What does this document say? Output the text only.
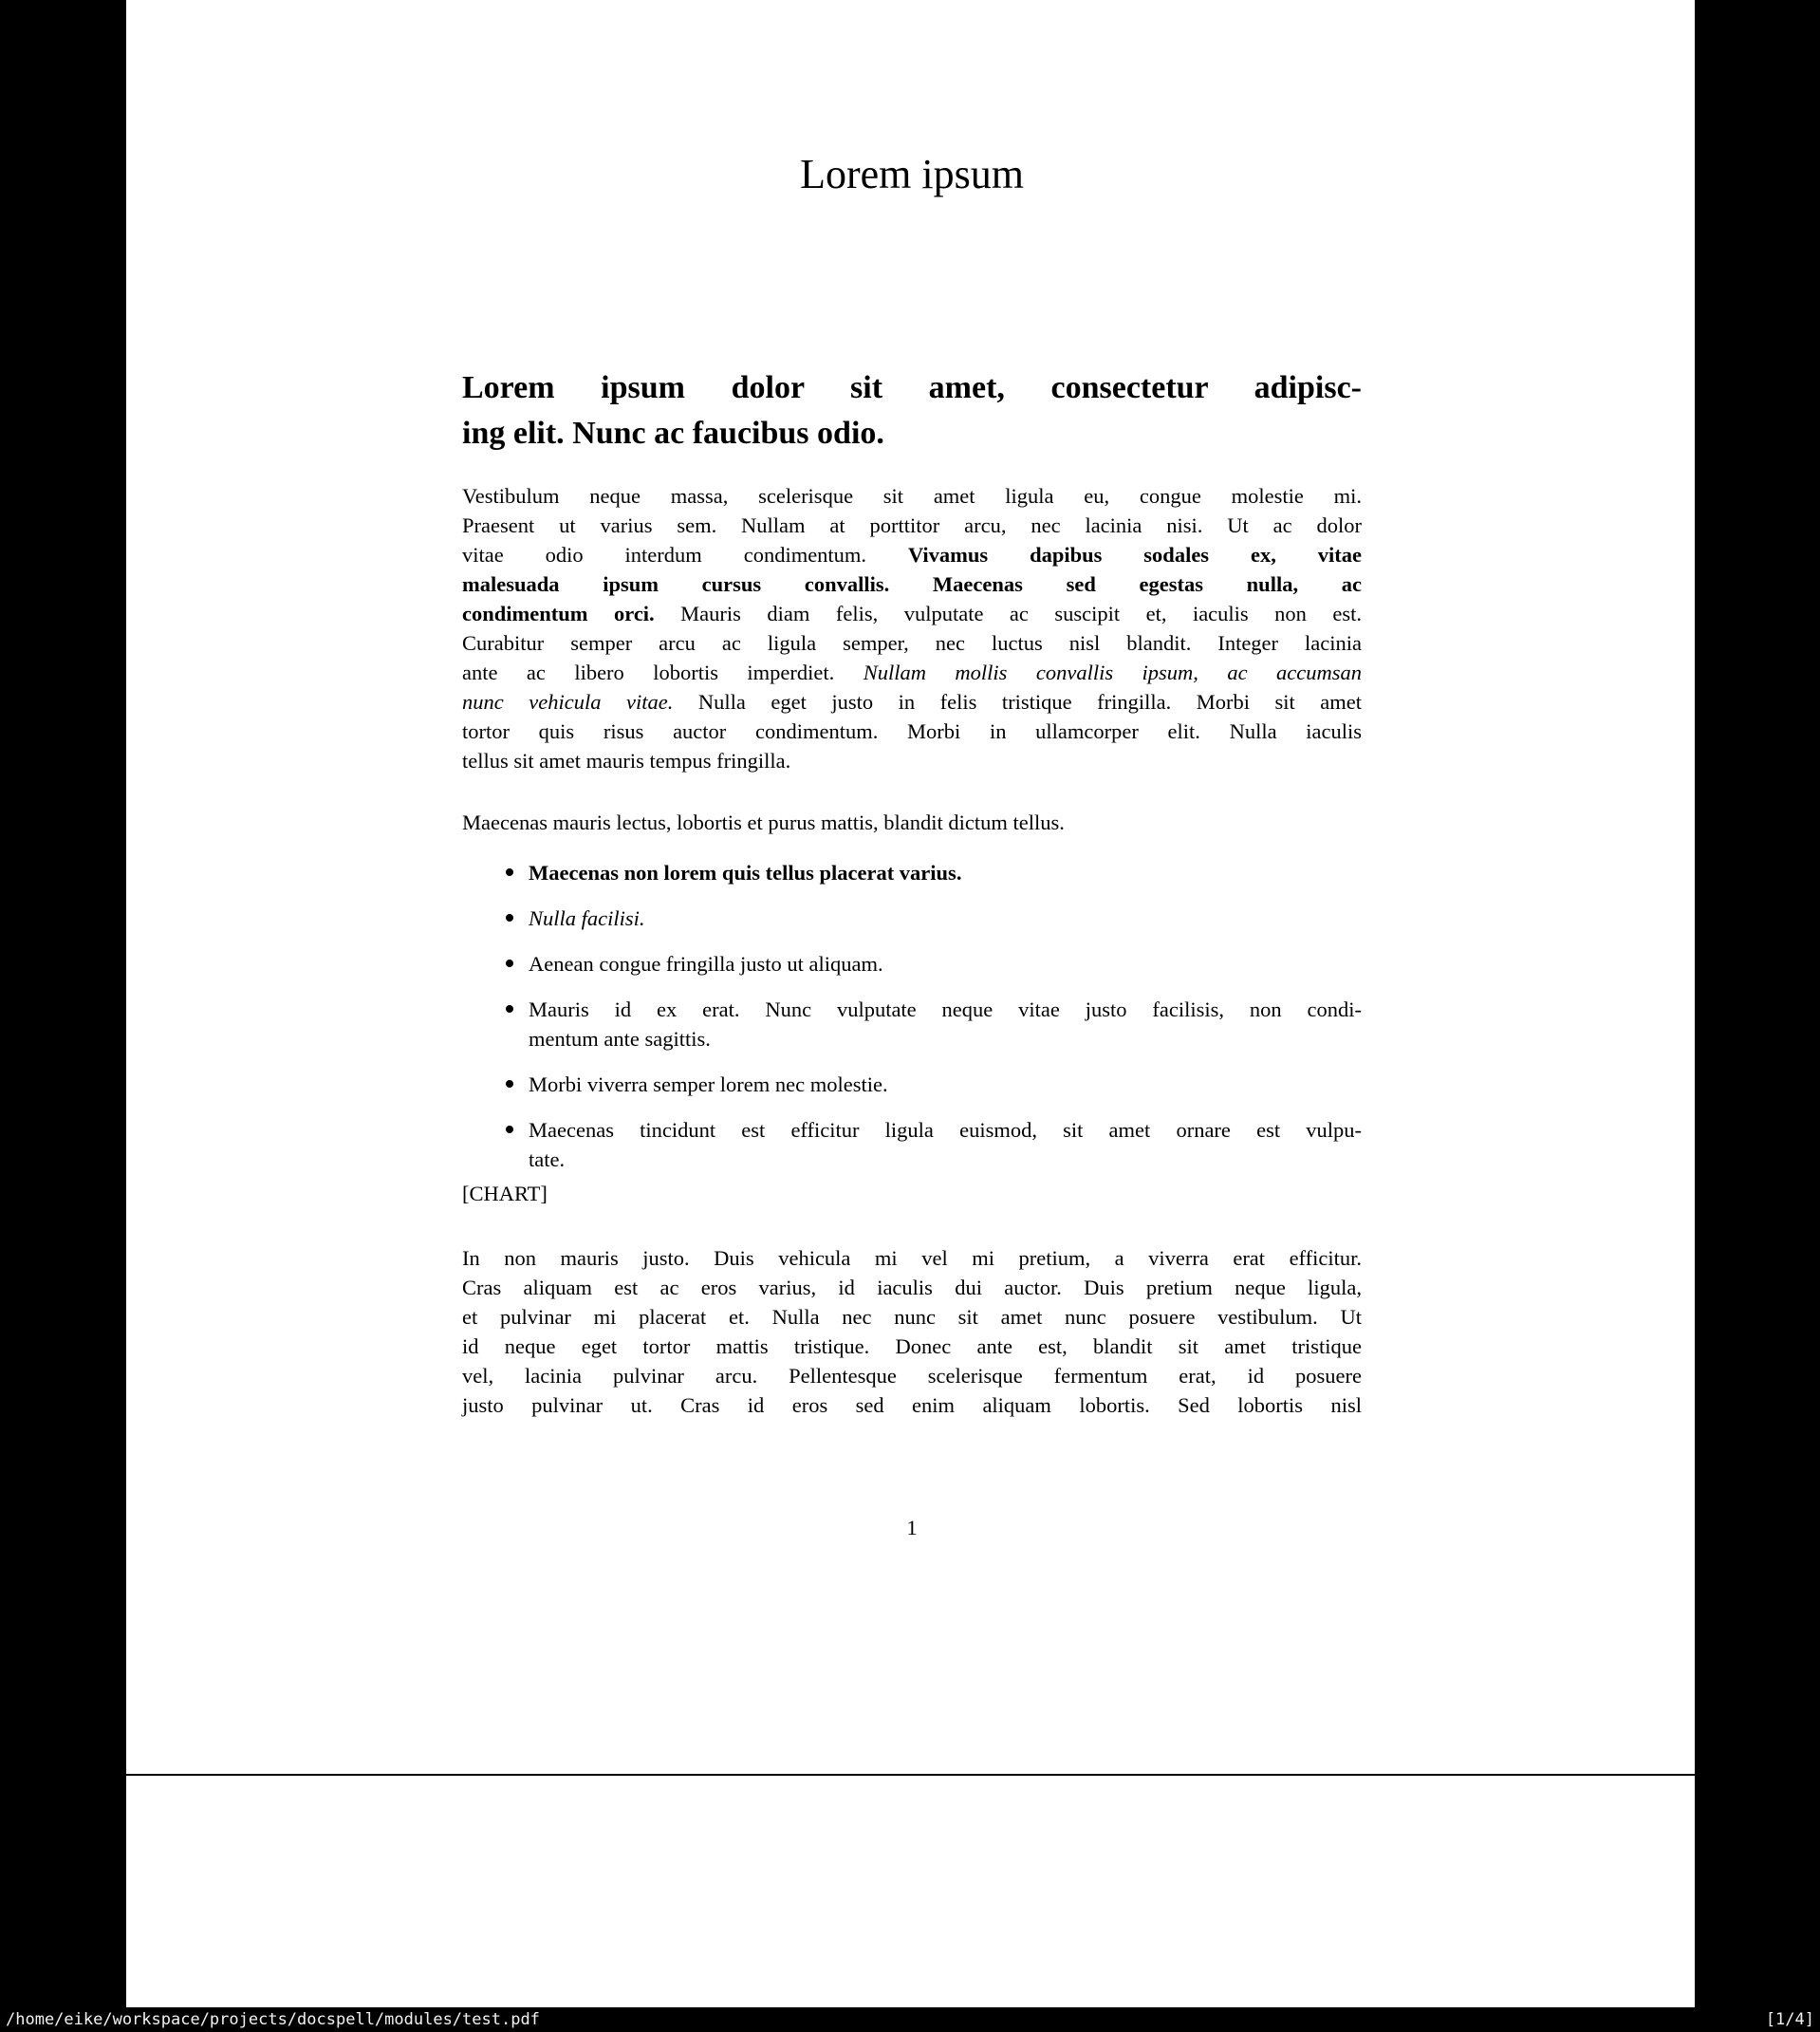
Lorem ipsum
Lorem ipsum dolor sit amet, consectetur adipisc-
ing elit. Nunc ac faucibus odio.
Vestibulum neque massa, scelerisque sit amet ligula eu, congue molestie mi.
Praesent ut varius sem. Nullam at porttitor arcu, nec lacinia nisi. Ut ac dolor
vitae odio interdum condimentum. Vivamus dapibus sodales ex, vitae
malesuada ipsum cursus convallis. Maecenas sed egestas nulla, ac
condimentum orci. Mauris diam felis, vulputate ac suscipit et, iaculis non est.
Curabitur semper arcu ac ligula semper, nec luctus nisl blandit. Integer lacinia
ante ac libero lobortis imperdiet. Nullam mollis convallis ipsum, ac accumsan
nunc vehicula vitae. Nulla eget justo in felis tristique fringilla. Morbi sit amet
tortor quis risus auctor condimentum. Morbi in ullamcorper elit. Nulla iaculis
tellus sit amet mauris tempus fringilla.
Maecenas mauris lectus, lobortis et purus mattis, blandit dictum tellus.
Maecenas non lorem quis tellus placerat varius.
Nulla facilisi.
Aenean congue fringilla justo ut aliquam.
Mauris id ex erat. Nunc vulputate neque vitae justo facilisis, non condi-
mentum ante sagittis.
Morbi viverra semper lorem nec molestie.
Maecenas tincidunt est efficitur ligula euismod, sit amet ornare est vulpu-
tate.
[CHART]
In non mauris justo. Duis vehicula mi vel mi pretium, a viverra erat efficitur.
Cras aliquam est ac eros varius, id iaculis dui auctor. Duis pretium neque ligula,
et pulvinar mi placerat et. Nulla nec nunc sit amet nunc posuere vestibulum. Ut
id neque eget tortor mattis tristique. Donec ante est, blandit sit amet tristique
vel, lacinia pulvinar arcu. Pellentesque scelerisque fermentum erat, id posuere
justo pulvinar ut. Cras id eros sed enim aliquam lobortis. Sed lobortis nisl
1
/home/eike/workspace/projects/docspell/modules/test.pdf	[1/4]
